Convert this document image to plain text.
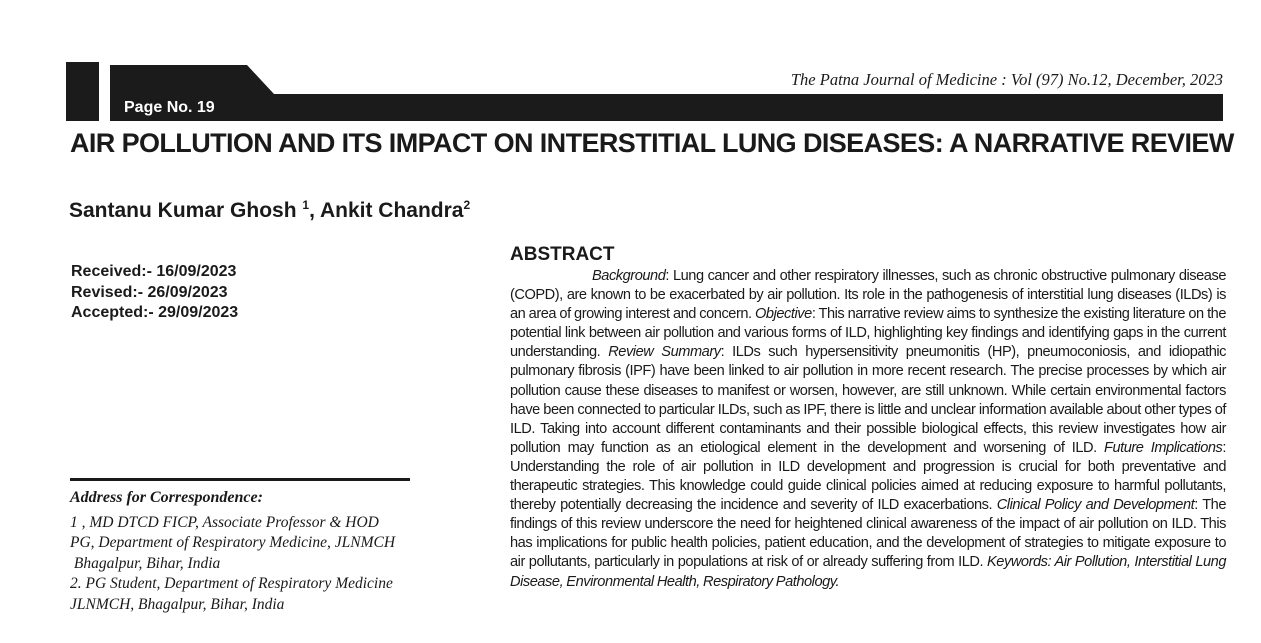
Page No. 19
The Patna Journal of Medicine : Vol (97) No.12, December, 2023
AIR POLLUTION AND ITS IMPACT ON INTERSTITIAL LUNG DISEASES: A NARRATIVE REVIEW
Santanu Kumar Ghosh $^1$, Ankit Chandra$^2$
Received:- 16/09/2023
Revised:- 26/09/2023
Accepted:- 29/09/2023
Address for Correspondence:
1 , MD DTCD FICP, Associate Professor & HOD
PG, Department of Respiratory Medicine, JLNMCH
Bhagalpur, Bihar, India
2. PG Student, Department of Respiratory Medicine
JLNMCH, Bhagalpur, Bihar, India
ABSTRACT

Background: Lung cancer and other respiratory illnesses, such as chronic obstructive pulmonary disease (COPD), are known to be exacerbated by air pollution. Its role in the pathogenesis of interstitial lung diseases (ILDs) is an area of growing interest and concern. Objective: This narrative review aims to synthesize the existing literature on the potential link between air pollution and various forms of ILD, highlighting key findings and identifying gaps in the current understanding. Review Summary: ILDs such hypersensitivity pneumonitis (HP), pneumoconiosis, and idiopathic pulmonary fibrosis (IPF) have been linked to air pollution in more recent research. The precise processes by which air pollution cause these diseases to manifest or worsen, however, are still unknown. While certain environmental factors have been connected to particular ILDs, such as IPF, there is little and unclear information available about other types of ILD. Taking into account different contaminants and their possible biological effects, this review investigates how air pollution may function as an etiological element in the development and worsening of ILD. Future Implications: Understanding the role of air pollution in ILD development and progression is crucial for both preventative and therapeutic strategies. This knowledge could guide clinical policies aimed at reducing exposure to harmful pollutants, thereby potentially decreasing the incidence and severity of ILD exacerbations. Clinical Policy and Development: The findings of this review underscore the need for heightened clinical awareness of the impact of air pollution on ILD. This has implications for public health policies, patient education, and the development of strategies to mitigate exposure to air pollutants, particularly in populations at risk of or already suffering from ILD. Keywords: Air Pollution, Interstitial Lung Disease, Environmental Health, Respiratory Pathology.
